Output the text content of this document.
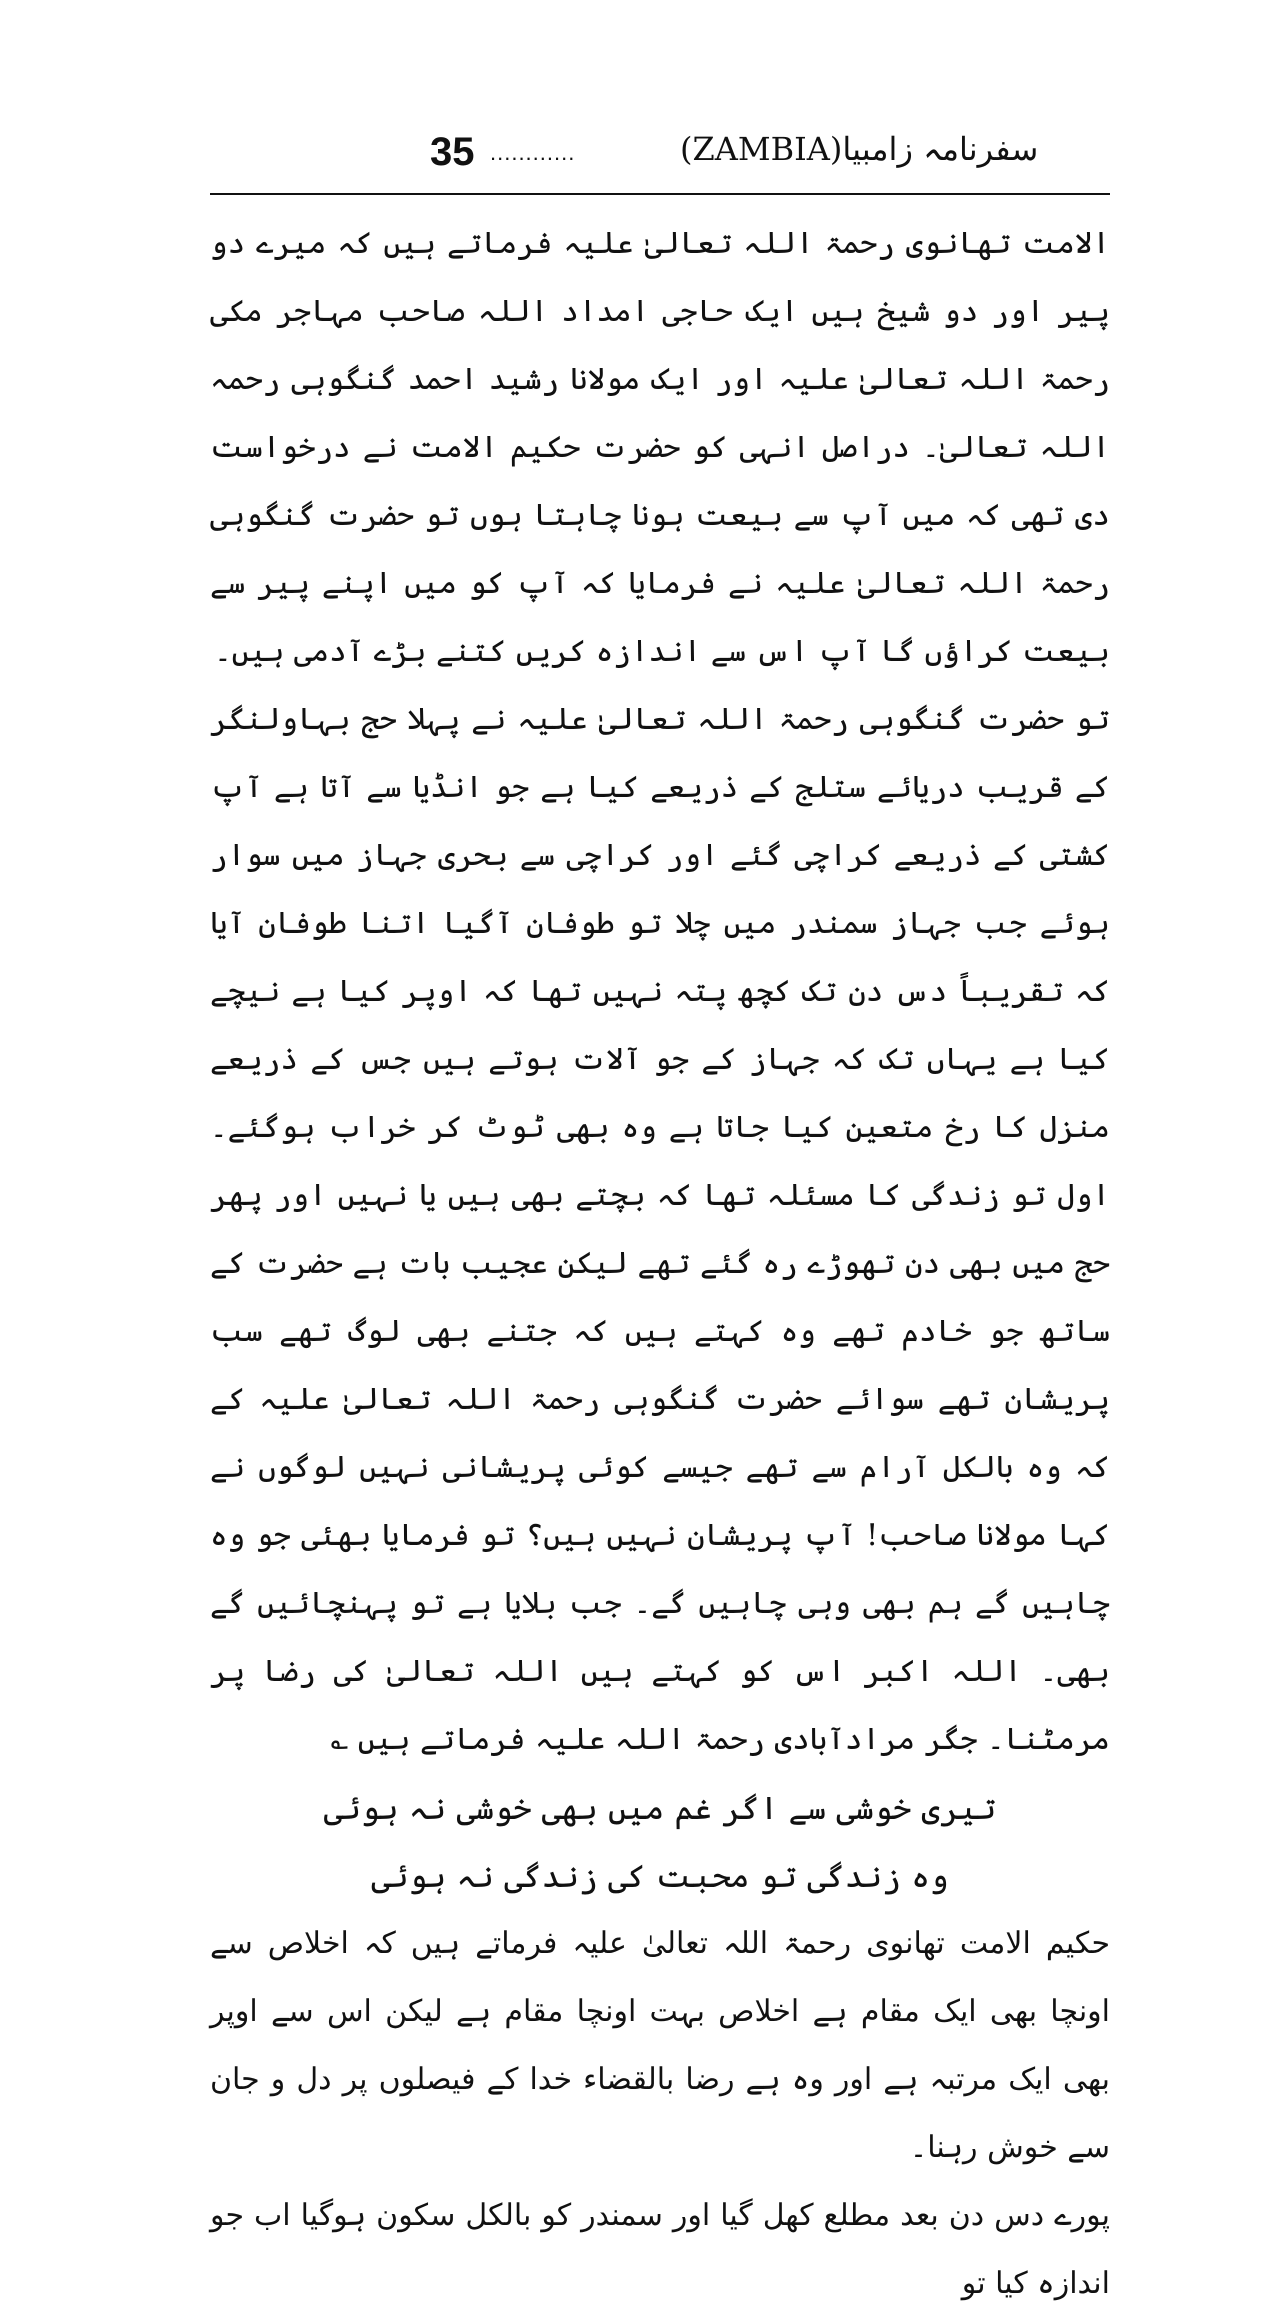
35 ............	سفرنامہ زامبیا(ZAMBIA)

الامت تھانوی رحمۃ اللہ تعالیٰ علیہ فرماتے ہیں کہ میرے دو پیر اور دو شیخ ہیں ایک حاجی امداد اللہ صاحب مہاجر مکی رحمۃ اللہ تعالیٰ علیہ اور ایک مولانا رشید احمد گنگوہی رحمہ اللہ تعالیٰ۔ دراصل انہی کو حضرت حکیم الامت نے درخواست دی تھی کہ میں آپ سے بیعت ہونا چاہتا ہوں تو حضرت گنگوہی رحمۃ اللہ تعالیٰ علیہ نے فرمایا کہ آپ کو میں اپنے پیر سے بیعت کراؤں گا آپ اس سے اندازہ کریں کتنے بڑے آدمی ہیں۔

تو حضرت گنگوہی رحمۃ اللہ تعالیٰ علیہ نے پہلا حج بہاولنگر کے قریب دریائے ستلج کے ذریعے کیا ہے جو انڈیا سے آتا ہے آپ کشتی کے ذریعے کراچی گئے اور کراچی سے بحری جہاز میں سوار ہوئے جب جہاز سمندر میں چلا تو طوفان آگیا اتنا طوفان آیا کہ تقریباً دس دن تک کچھ پتہ نہیں تھا کہ اوپر کیا ہے نیچے کیا ہے یہاں تک کہ جہاز کے جو آلات ہوتے ہیں جس کے ذریعے منزل کا رخ متعین کیا جاتا ہے وہ بھی ٹوٹ کر خراب ہوگئے۔ اول تو زندگی کا مسئلہ تھا کہ بچتے بھی ہیں یا نہیں اور پھر حج میں بھی دن تھوڑے رہ گئے تھے لیکن عجیب بات ہے حضرت کے ساتھ جو خادم تھے وہ کہتے ہیں کہ جتنے بھی لوگ تھے سب پریشان تھے سوائے حضرت گنگوہی رحمۃ اللہ تعالیٰ علیہ کے کہ وہ بالکل آرام سے تھے جیسے کوئی پریشانی نہیں لوگوں نے کہا مولانا صاحب! آپ پریشان نہیں ہیں؟ تو فرمایا بھئی جو وہ چاہیں گے ہم بھی وہی چاہیں گے۔ جب بلایا ہے تو پہنچائیں گے بھی۔ اللہ اکبر اس کو کہتے ہیں اللہ تعالیٰ کی رضا پر مرمٹنا۔ جگر مرادآبادی رحمۃ اللہ علیہ فرماتے ہیں ؎

تیری خوشی سے اگر غم میں بھی خوشی نہ ہوئی

وہ زندگی تو محبت کی زندگی نہ ہوئی

حکیم الامت تھانوی رحمۃ اللہ تعالیٰ علیہ فرماتے ہیں کہ اخلاص سے اونچا بھی ایک مقام ہے اخلاص بہت اونچا مقام ہے لیکن اس سے اوپر بھی ایک مرتبہ ہے اور وہ ہے رضا بالقضاء خدا کے فیصلوں پر دل و جان سے خوش رہنا۔

پورے دس دن بعد مطلع کھل گیا اور سمندر کو بالکل سکون ہوگیا اب جو اندازہ کیا تو
